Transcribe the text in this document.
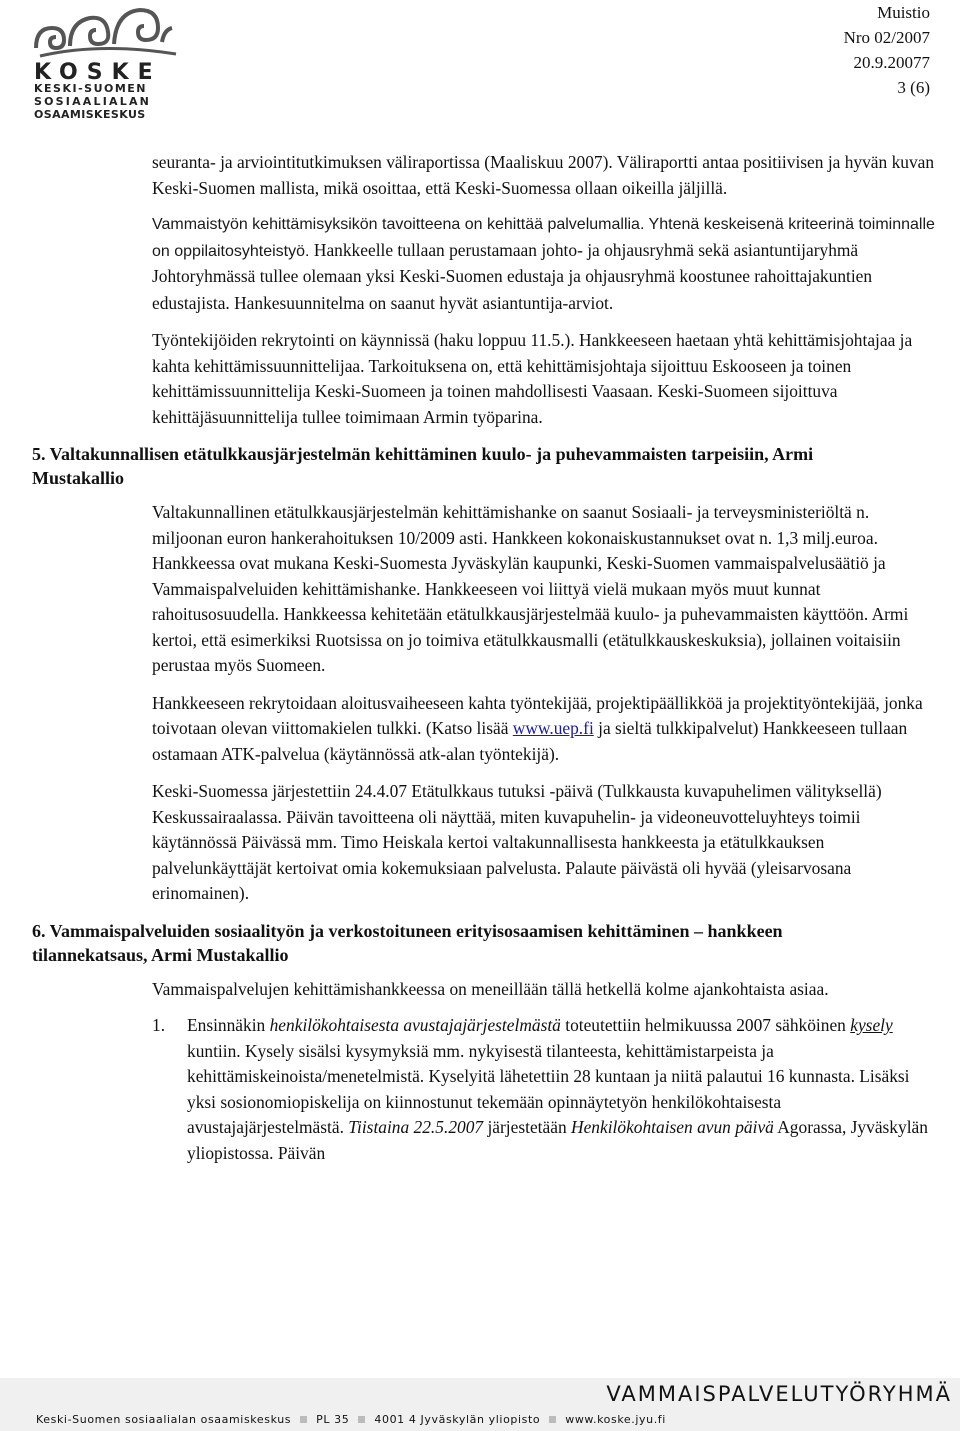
KOSKE
KESKI-SUOMEN
SOSIAALIALAN
OSAAMISKESKUS
Muistio
Nro 02/2007
20.9.20077
3 (6)

seuranta- ja arviointitutkimuksen väliraportissa (Maaliskuu 2007). Väliraportti antaa positiivisen ja hyvän kuvan Keski-Suomen mallista, mikä osoittaa, että Keski-Suomessa ollaan oikeilla jäljillä.

Vammaistyön kehittämisyksikön tavoitteena on kehittää palvelumallia. Yhtenä keskeisenä kriteerinä toiminnalle on oppilaitosyhteistyö. Hankkeelle tullaan perustamaan johto- ja ohjausryhmä sekä asiantuntijaryhmä Johtoryhmässä tullee olemaan yksi Keski-Suomen edustaja ja ohjausryhmä koostunee rahoittajakuntien edustajista. Hankesuunnitelma on saanut hyvät asiantuntija-arviot.

Työntekijöiden rekrytointi on käynnissä (haku loppuu 11.5.). Hankkeeseen haetaan yhtä kehittämisjohtajaa ja kahta kehittämissuunnittelijaa. Tarkoituksena on, että kehittämisjohtaja sijoittuu Eskooseen ja toinen kehittämissuunnittelija Keski-Suomeen ja toinen mahdollisesti Vaasaan. Keski-Suomeen sijoittuva kehittäjäsuunnittelija tullee toimimaan Armin työparina.

5. Valtakunnallisen etätulkkausjärjestelmän kehittäminen kuulo- ja puhevammaisten tarpeisiin, Armi Mustakallio

Valtakunnallinen etätulkkausjärjestelmän kehittämishanke on saanut Sosiaali- ja terveysministeriöltä n. miljoonan euron hankerahoituksen 10/2009 asti. Hankkeen kokonaiskustannukset ovat n. 1,3 milj.euroa. Hankkeessa ovat mukana Keski-Suomesta Jyväskylän kaupunki, Keski-Suomen vammaispalvelusäätiö ja Vammaispalveluiden kehittämishanke. Hankkeeseen voi liittyä vielä mukaan myös muut kunnat rahoitusosuudella. Hankkeessa kehitetään etätulkkausjärjestelmää kuulo- ja puhevammaisten käyttöön. Armi kertoi, että esimerkiksi Ruotsissa on jo toimiva etätulkkausmalli (etätulkkauskeskuksia), jollainen voitaisiin perustaa myös Suomeen.

Hankkeeseen rekrytoidaan aloitusvaiheeseen kahta työntekijää, projektipäällikköä ja projektityöntekijää, jonka toivotaan olevan viittomakielen tulkki. (Katso lisää www.uep.fi ja sieltä tulkkipalvelut) Hankkeeseen tullaan ostamaan ATK-palvelua (käytännössä atk-alan työntekijä).

Keski-Suomessa järjestettiin 24.4.07 Etätulkkaus tutuksi -päivä (Tulkkausta kuvapuhelimen välityksellä) Keskussairaalassa. Päivän tavoitteena oli näyttää, miten kuvapuhelin- ja videoneuvotteluyhteys toimii käytännössä Päivässä mm. Timo Heiskala kertoi valtakunnallisesta hankkeesta ja etätulkkauksen palvelunkäyttäjät kertoivat omia kokemuksiaan palvelusta. Palaute päivästä oli hyvää (yleisarvosana erinomainen).

6. Vammaispalveluiden sosiaalityön ja verkostoituneen erityisosaamisen kehittäminen – hankkeen tilannekatsaus, Armi Mustakallio

Vammaispalvelujen kehittämishankkeessa on meneillään tällä hetkellä kolme ajankohtaista asiaa.

1. Ensinnäkin henkilökohtaisesta avustajajärjestelmästä toteutettiin helmikuussa 2007 sähköinen kysely kuntiin. Kysely sisälsi kysymyksiä mm. nykyisestä tilanteesta, kehittämistarpeista ja kehittämiskeinoista/menetelmistä. Kyselyitä lähetettiin 28 kuntaan ja niitä palautui 16 kunnasta. Lisäksi yksi sosionomiopiskelija on kiinnostunut tekemään opinnäytetyön henkilökohtaisesta avustajajärjestelmästä. Tiistaina 22.5.2007 järjestetään Henkilökohtaisen avun päivä Agorassa, Jyväskylän yliopistossa. Päivän
VAMMAISPALVELUTYÖRYHMÄ
Keski-Suomen sosiaalialan osaamiskeskus PL 35 4001 4 Jyväskylän yliopisto www.koske.jyu.fi
